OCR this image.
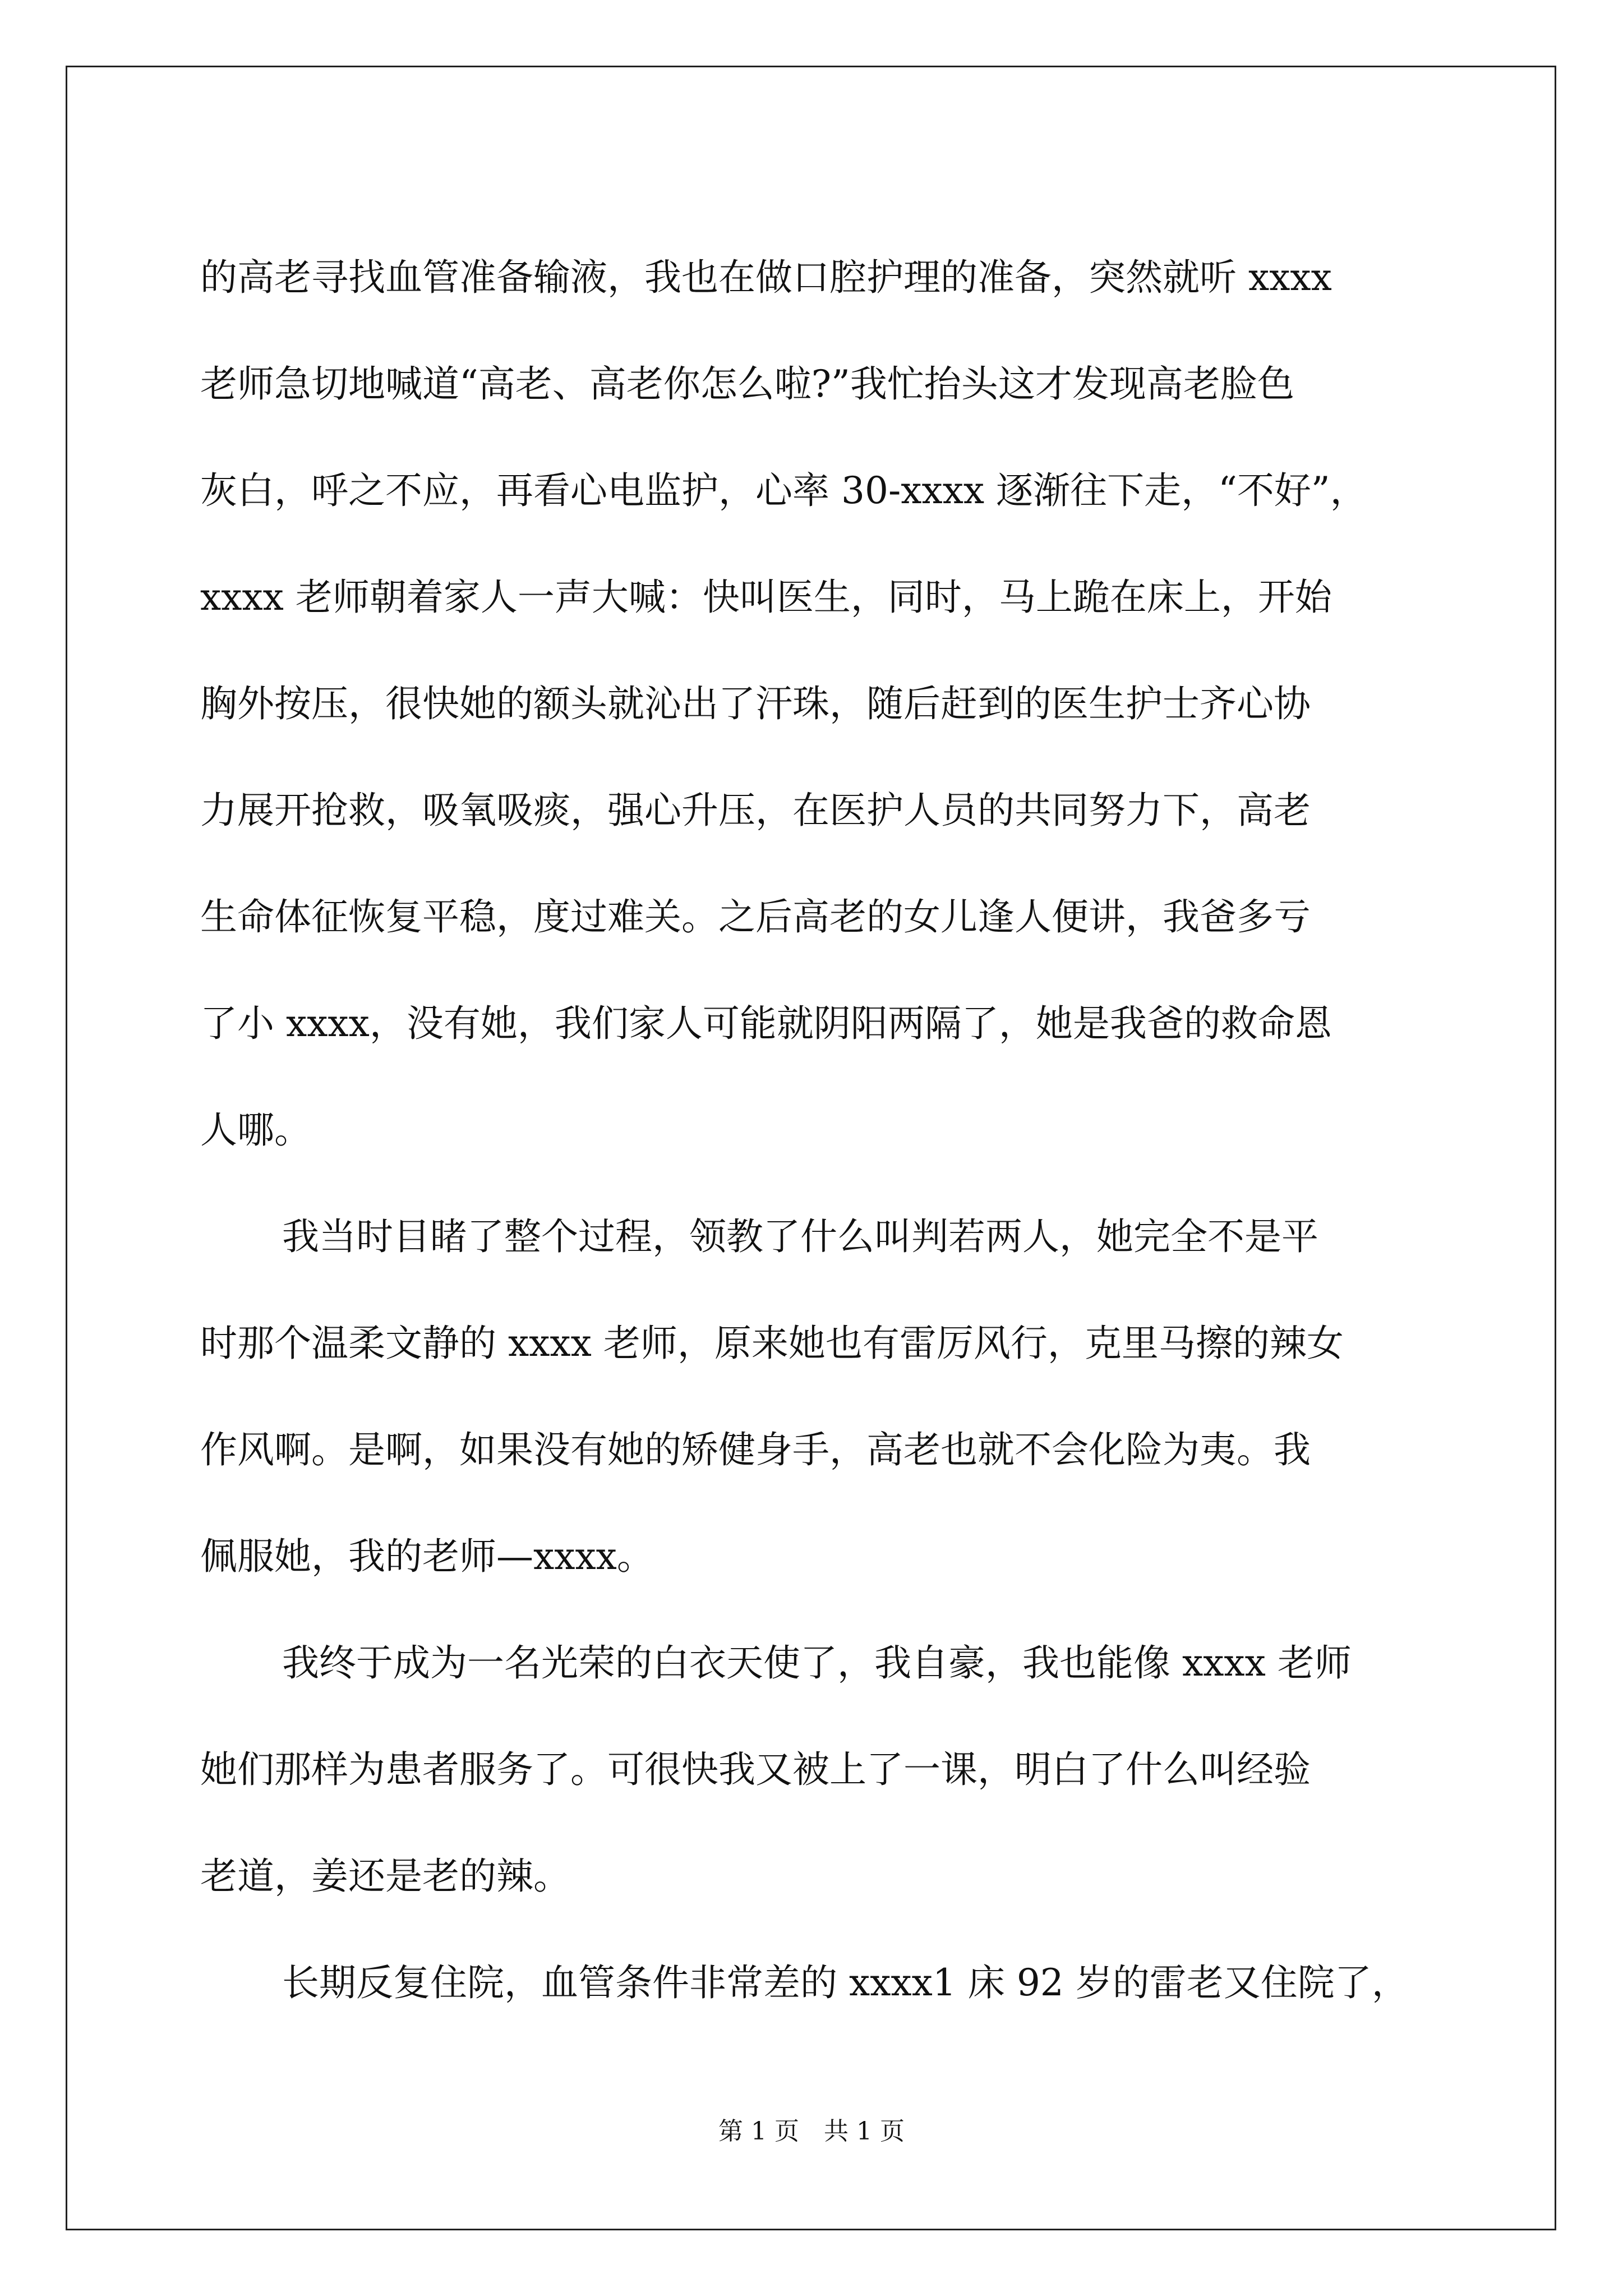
的高老寻找血管准备输液，我也在做口腔护理的准备，突然就听 xxxx
老师急切地喊道“高老、高老你怎么啦?”我忙抬头这才发现高老脸色
灰白，呼之不应，再看心电监护，心率 30-xxxx 逐渐往下走，“不好”，
xxxx 老师朝着家人一声大喊：快叫医生，同时，马上跪在床上，开始
胸外按压，很快她的额头就沁出了汗珠，随后赶到的医生护士齐心协
力展开抢救，吸氧吸痰，强心升压，在医护人员的共同努力下，高老
生命体征恢复平稳，度过难关。之后高老的女儿逢人便讲，我爸多亏
了小 xxxx，没有她，我们家人可能就阴阳两隔了，她是我爸的救命恩
人哪。
我当时目睹了整个过程，领教了什么叫判若两人，她完全不是平
时那个温柔文静的 xxxx 老师，原来她也有雷厉风行，克里马擦的辣女
作风啊。是啊，如果没有她的矫健身手，高老也就不会化险为夷。我
佩服她，我的老师—xxxx。
我终于成为一名光荣的白衣天使了，我自豪，我也能像 xxxx 老师
她们那样为患者服务了。可很快我又被上了一课，明白了什么叫经验
老道，姜还是老的辣。
长期反复住院，血管条件非常差的 xxxx1 床 92 岁的雷老又住院了，
第 1 页 共 1 页
